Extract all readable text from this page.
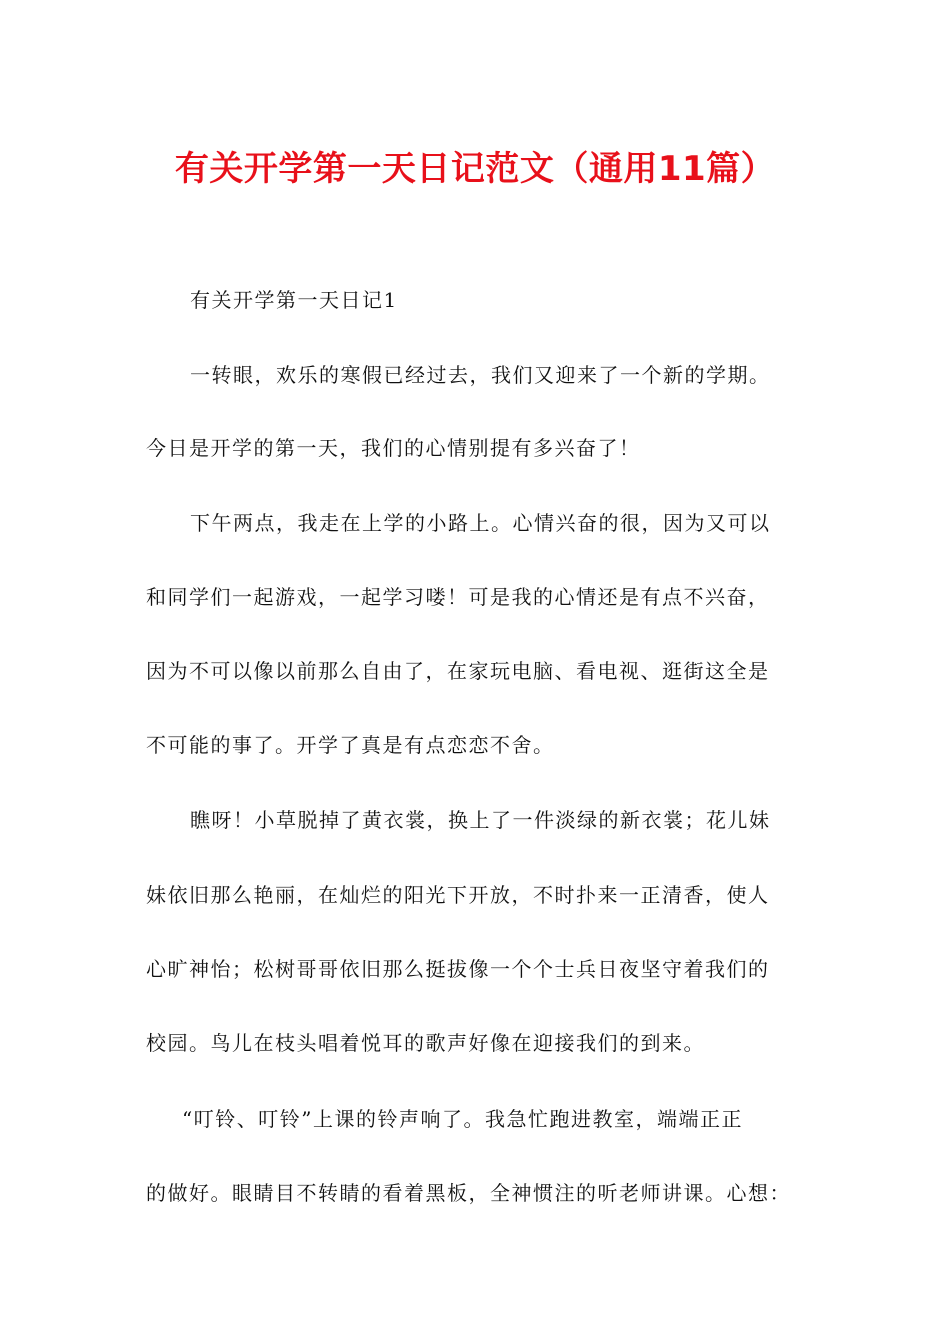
有关开学第一天日记范文（通用11篇）
有关开学第一天日记1
一转眼，欢乐的寒假已经过去，我们又迎来了一个新的学期。
今日是开学的第一天，我们的心情别提有多兴奋了！
下午两点，我走在上学的小路上。心情兴奋的很，因为又可以
和同学们一起游戏，一起学习喽！可是我的心情还是有点不兴奋，
因为不可以像以前那么自由了，在家玩电脑、看电视、逛街这全是
不可能的事了。开学了真是有点恋恋不舍。
瞧呀！小草脱掉了黄衣裳，换上了一件淡绿的新衣裳；花儿妹
妹依旧那么艳丽，在灿烂的阳光下开放，不时扑来一正清香，使人
心旷神怡；松树哥哥依旧那么挺拔像一个个士兵日夜坚守着我们的
校园。鸟儿在枝头唱着悦耳的歌声好像在迎接我们的到来。
“叮铃、叮铃”上课的铃声响了。我急忙跑进教室，端端正正
的做好。眼睛目不转睛的看着黑板，全神惯注的听老师讲课。心想：
